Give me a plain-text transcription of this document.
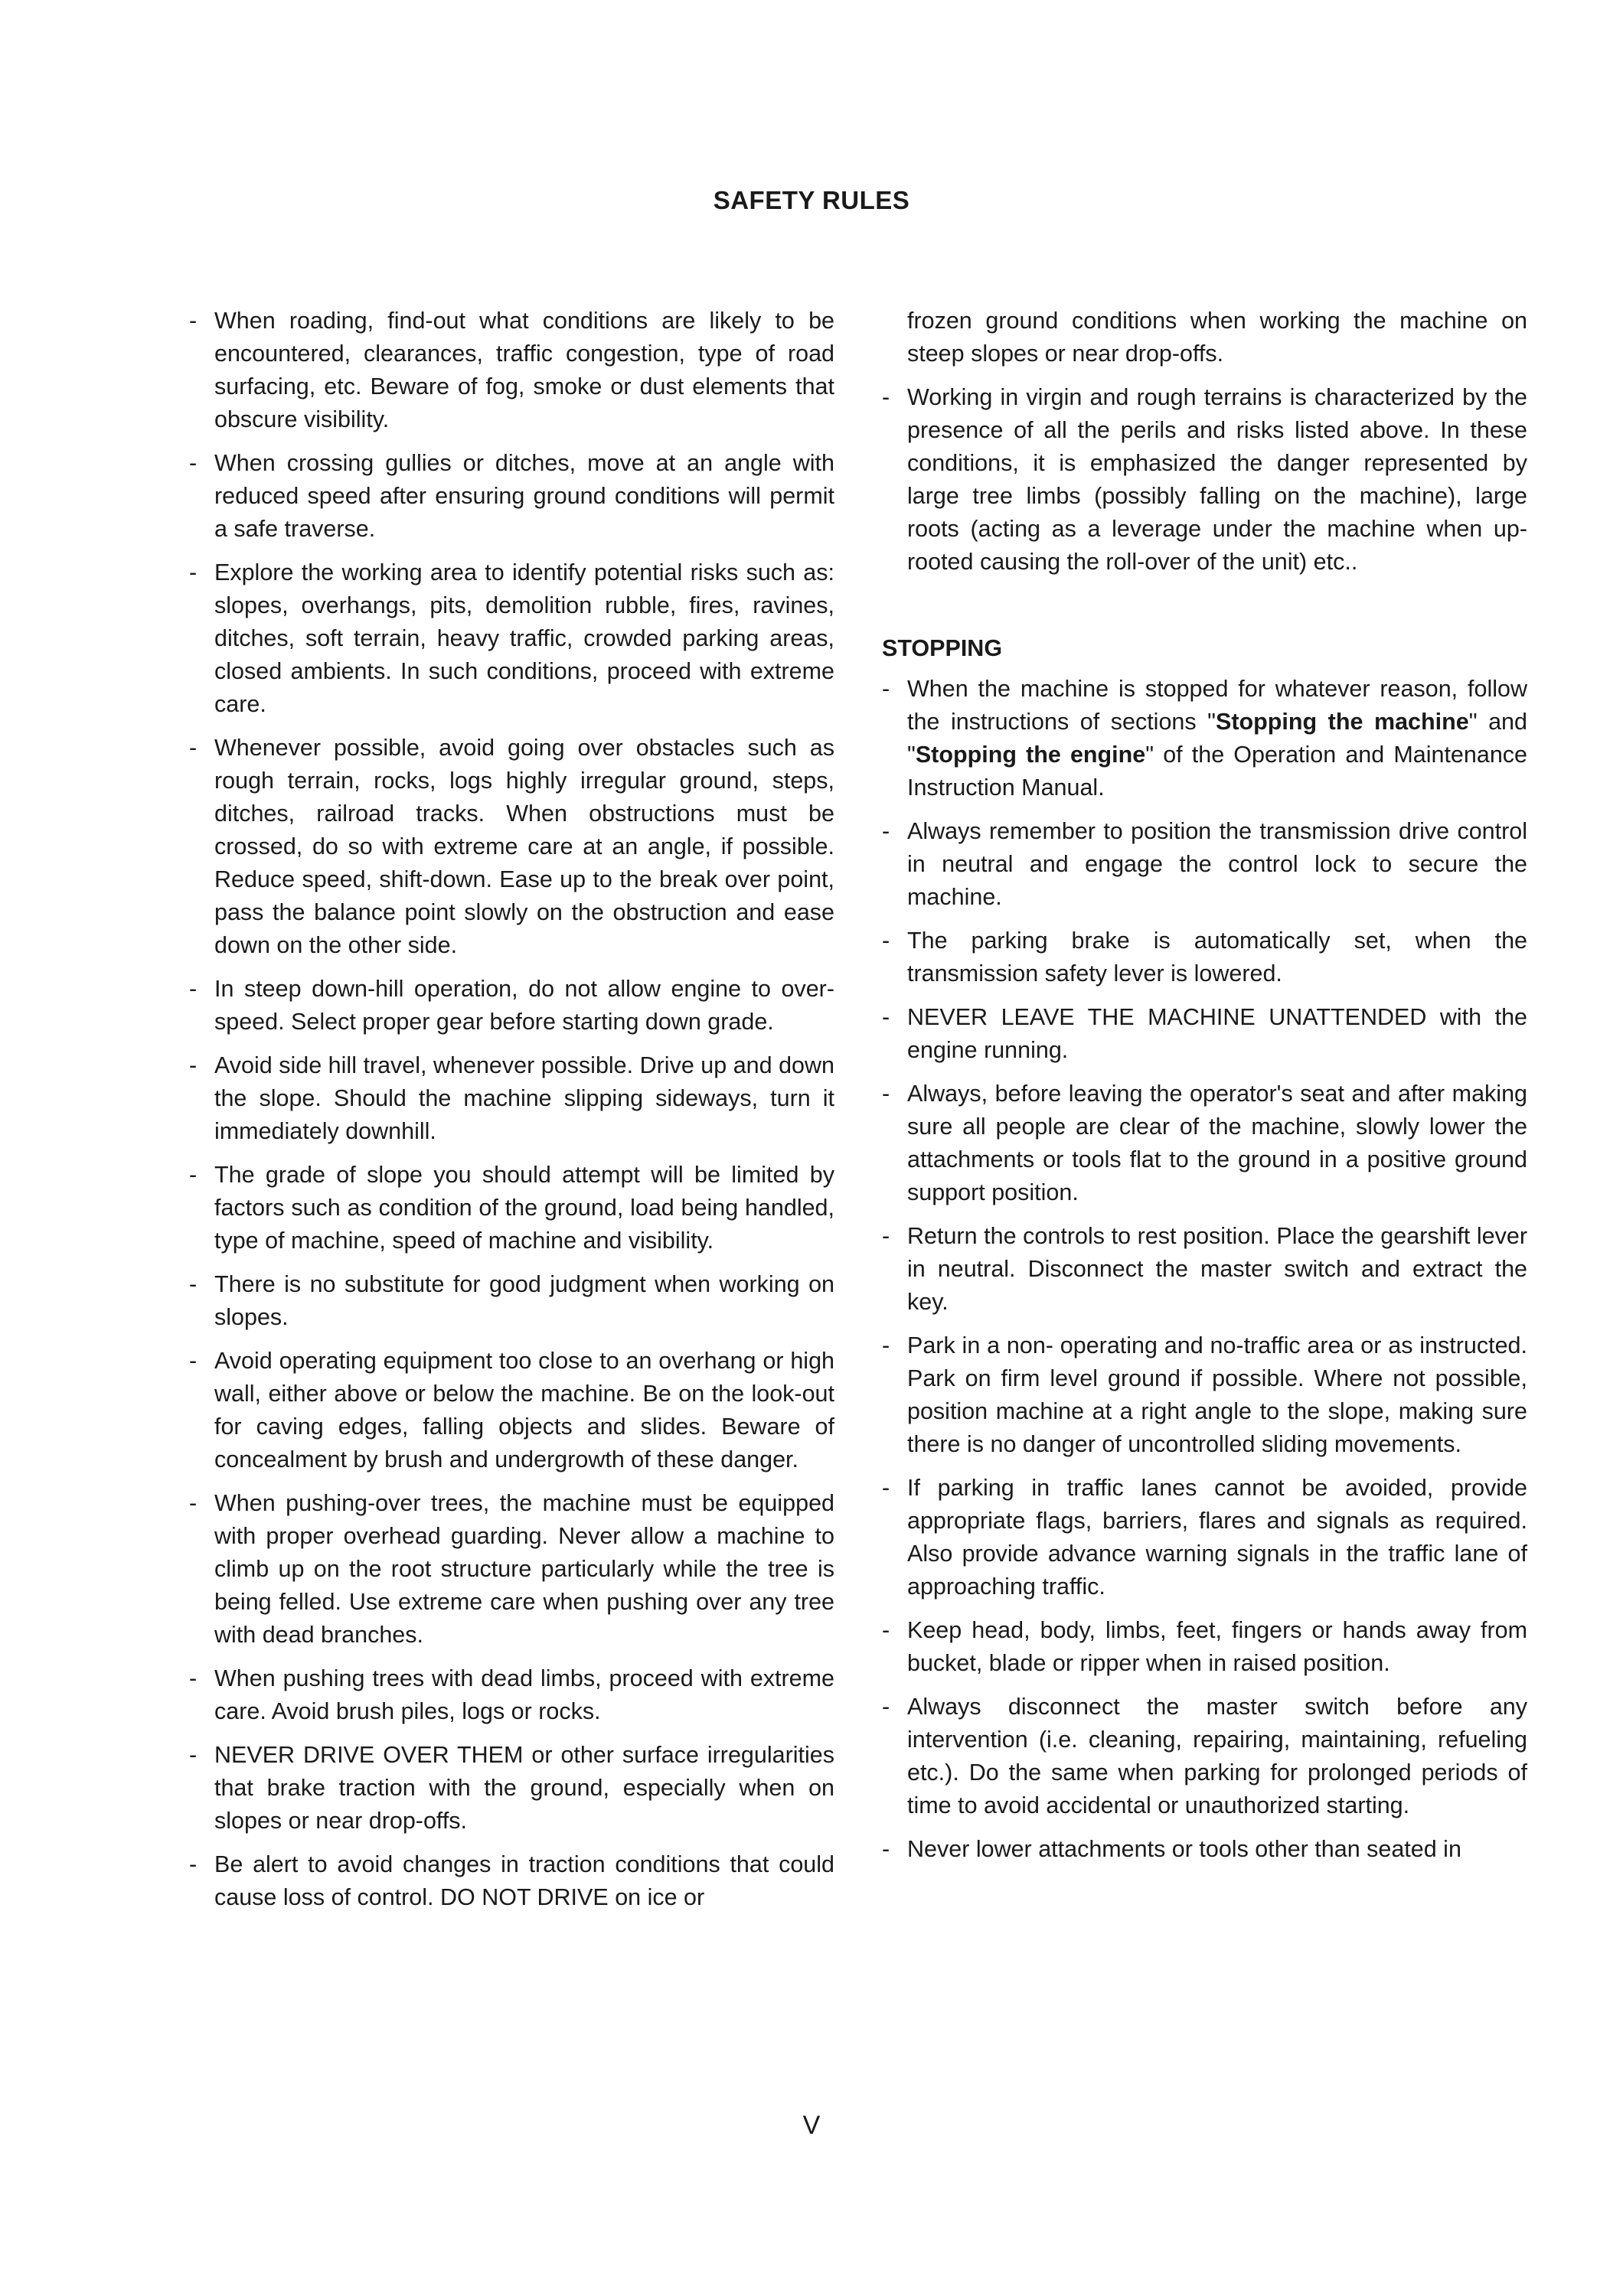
SAFETY RULES
- When roading, find-out what conditions are likely to be encountered, clearances, traffic congestion, type of road surfacing, etc. Beware of fog, smoke or dust elements that obscure visibility.
- When crossing gullies or ditches, move at an angle with reduced speed after ensuring ground conditions will permit a safe traverse.
- Explore the working area to identify potential risks such as: slopes, overhangs, pits, demolition rubble, fires, ravines, ditches, soft terrain, heavy traffic, crowded parking areas, closed ambients. In such conditions, proceed with extreme care.
- Whenever possible, avoid going over obstacles such as rough terrain, rocks, logs highly irregular ground, steps, ditches, railroad tracks. When obstructions must be crossed, do so with extreme care at an angle, if possible. Reduce speed, shift-down. Ease up to the break over point, pass the balance point slowly on the obstruction and ease down on the other side.
- In steep down-hill operation, do not allow engine to over-speed. Select proper gear before starting down grade.
- Avoid side hill travel, whenever possible. Drive up and down the slope. Should the machine slipping sideways, turn it immediately downhill.
- The grade of slope you should attempt will be limited by factors such as condition of the ground, load being handled, type of machine, speed of machine and visibility.
- There is no substitute for good judgment when working on slopes.
- Avoid operating equipment too close to an overhang or high wall, either above or below the machine. Be on the look-out for caving edges, falling objects and slides. Beware of concealment by brush and undergrowth of these danger.
- When pushing-over trees, the machine must be equipped with proper overhead guarding. Never allow a machine to climb up on the root structure particularly while the tree is being felled. Use extreme care when pushing over any tree with dead branches.
- When pushing trees with dead limbs, proceed with extreme care. Avoid brush piles, logs or rocks.
- NEVER DRIVE OVER THEM or other surface irregularities that brake traction with the ground, especially when on slopes or near drop-offs.
- Be alert to avoid changes in traction conditions that could cause loss of control. DO NOT DRIVE on ice or
frozen ground conditions when working the machine on steep slopes or near drop-offs.
- Working in virgin and rough terrains is characterized by the presence of all the perils and risks listed above. In these conditions, it is emphasized the danger represented by large tree limbs (possibly falling on the machine), large roots (acting as a leverage under the machine when up-rooted causing the roll-over of the unit) etc..
STOPPING
- When the machine is stopped for whatever reason, follow the instructions of sections "Stopping the machine" and "Stopping the engine" of the Operation and Maintenance Instruction Manual.
- Always remember to position the transmission drive control in neutral and engage the control lock to secure the machine.
- The parking brake is automatically set, when the transmission safety lever is lowered.
- NEVER LEAVE THE MACHINE UNATTENDED with the engine running.
- Always, before leaving the operator's seat and after making sure all people are clear of the machine, slowly lower the attachments or tools flat to the ground in a positive ground support position.
- Return the controls to rest position. Place the gearshift lever in neutral. Disconnect the master switch and extract the key.
- Park in a non- operating and no-traffic area or as instructed. Park on firm level ground if possible. Where not possible, position machine at a right angle to the slope, making sure there is no danger of uncontrolled sliding movements.
- If parking in traffic lanes cannot be avoided, provide appropriate flags, barriers, flares and signals as required. Also provide advance warning signals in the traffic lane of approaching traffic.
- Keep head, body, limbs, feet, fingers or hands away from bucket, blade or ripper when in raised position.
- Always disconnect the master switch before any intervention (i.e. cleaning, repairing, maintaining, refueling etc.). Do the same when parking for prolonged periods of time to avoid accidental or unauthorized starting.
- Never lower attachments or tools other than seated in
V
